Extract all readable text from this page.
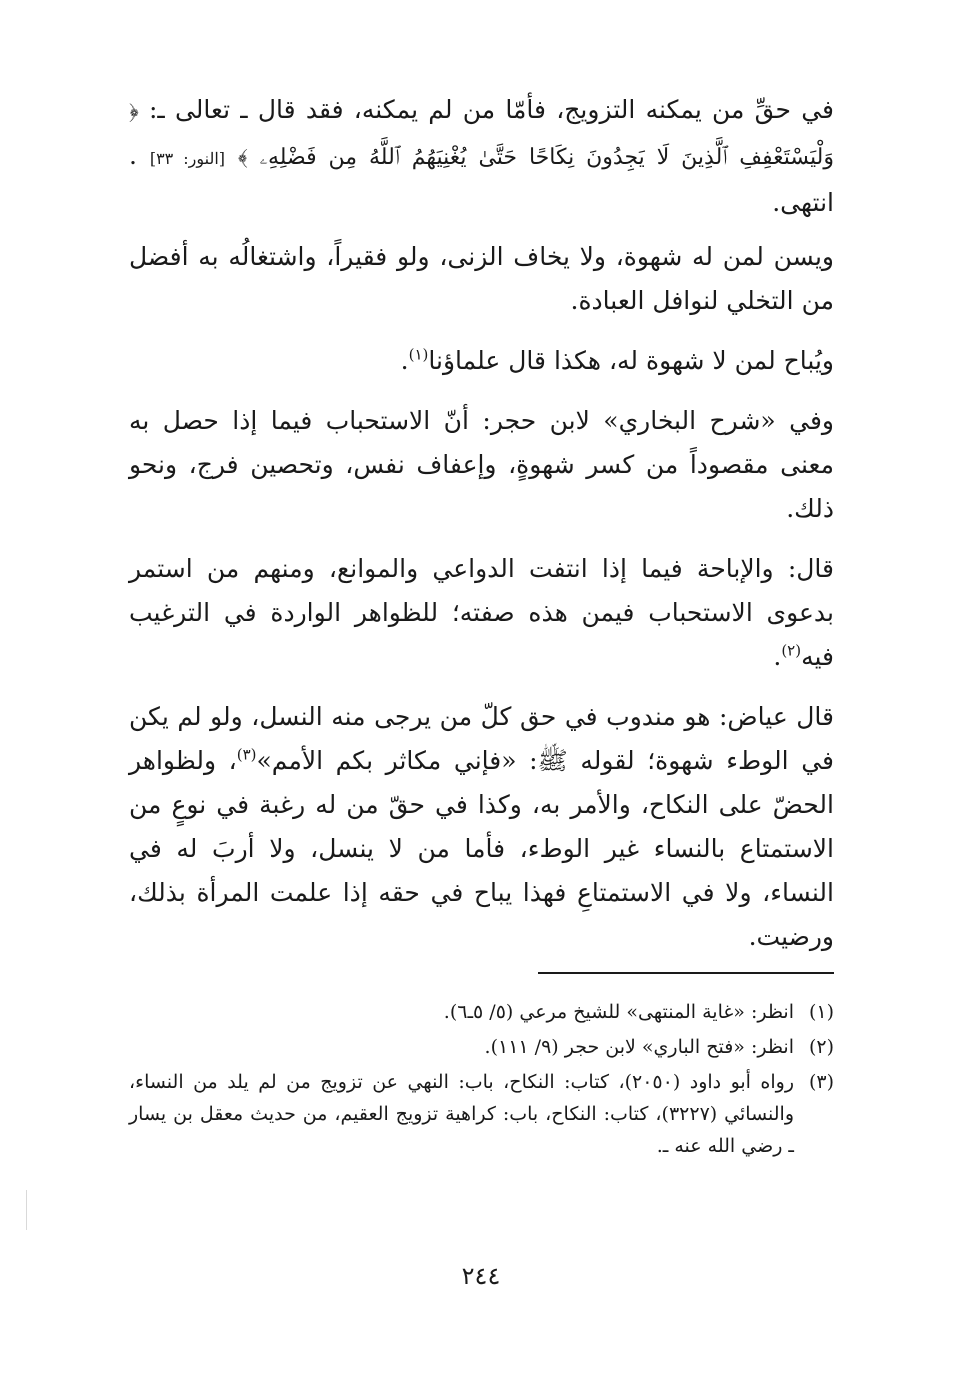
في حقِّ من يمكنه التزويج، فأمّا من لم يمكنه، فقد قال ـ تعالى ـ: ﴿ وَلْيَسْتَعْفِفِ ٱلَّذِينَ لَا يَجِدُونَ نِكَاحًا حَتَّىٰ يُغْنِيَهُمُ ٱللَّهُ مِن فَضْلِهِۦ ﴾ [النور: ٣٣] . انتهى.

ويسن لمن له شهوة، ولا يخاف الزنى، ولو فقيراً، واشتغالُه به أفضل من التخلي لنوافل العبادة.

ويُباح لمن لا شهوة له، هكذا قال علماؤنا$^{(١)}$.

وفي «شرح البخاري» لابن حجر: أنّ الاستحباب فيما إذا حصل به معنى مقصوداً من كسر شهوةٍ، وإعفاف نفس، وتحصين فرج، ونحو ذلك.

قال: والإباحة فيما إذا انتفت الدواعي والموانع، ومنهم من استمر بدعوى الاستحباب فيمن هذه صفته؛ للظواهر الواردة في الترغيب فيه$^{(٢)}$.

قال عياض: هو مندوب في حق كلّ من يرجى منه النسل، ولو لم يكن في الوطء شهوة؛ لقوله ﷺ: «فإني مكاثر بكم الأمم»$^{(٣)}$، ولظواهر الحضّ على النكاح، والأمر به، وكذا في حقّ من له رغبة في نوعٍ من الاستمتاع بالنساء غير الوطء، فأما من لا ينسل، ولا أربَ له في النساء، ولا في الاستمتاعِ فهذا يباح في حقه إذا علمت المرأة بذلك، ورضيت.

(١)
انظر: «غاية المنتهى» للشيخ مرعي (٥/ ٥ـ٦).
(٢)
انظر: «فتح الباري» لابن حجر (٩/ ١١١).
(٣)
رواه أبو داود (٢٠٥٠)، كتاب: النكاح، باب: النهي عن تزويج من لم يلد من النساء، والنسائي (٣٢٢٧)، كتاب: النكاح، باب: كراهية تزويج العقيم، من حديث معقل بن يسار ـ رضي الله عنه ـ.
٢٤٤
